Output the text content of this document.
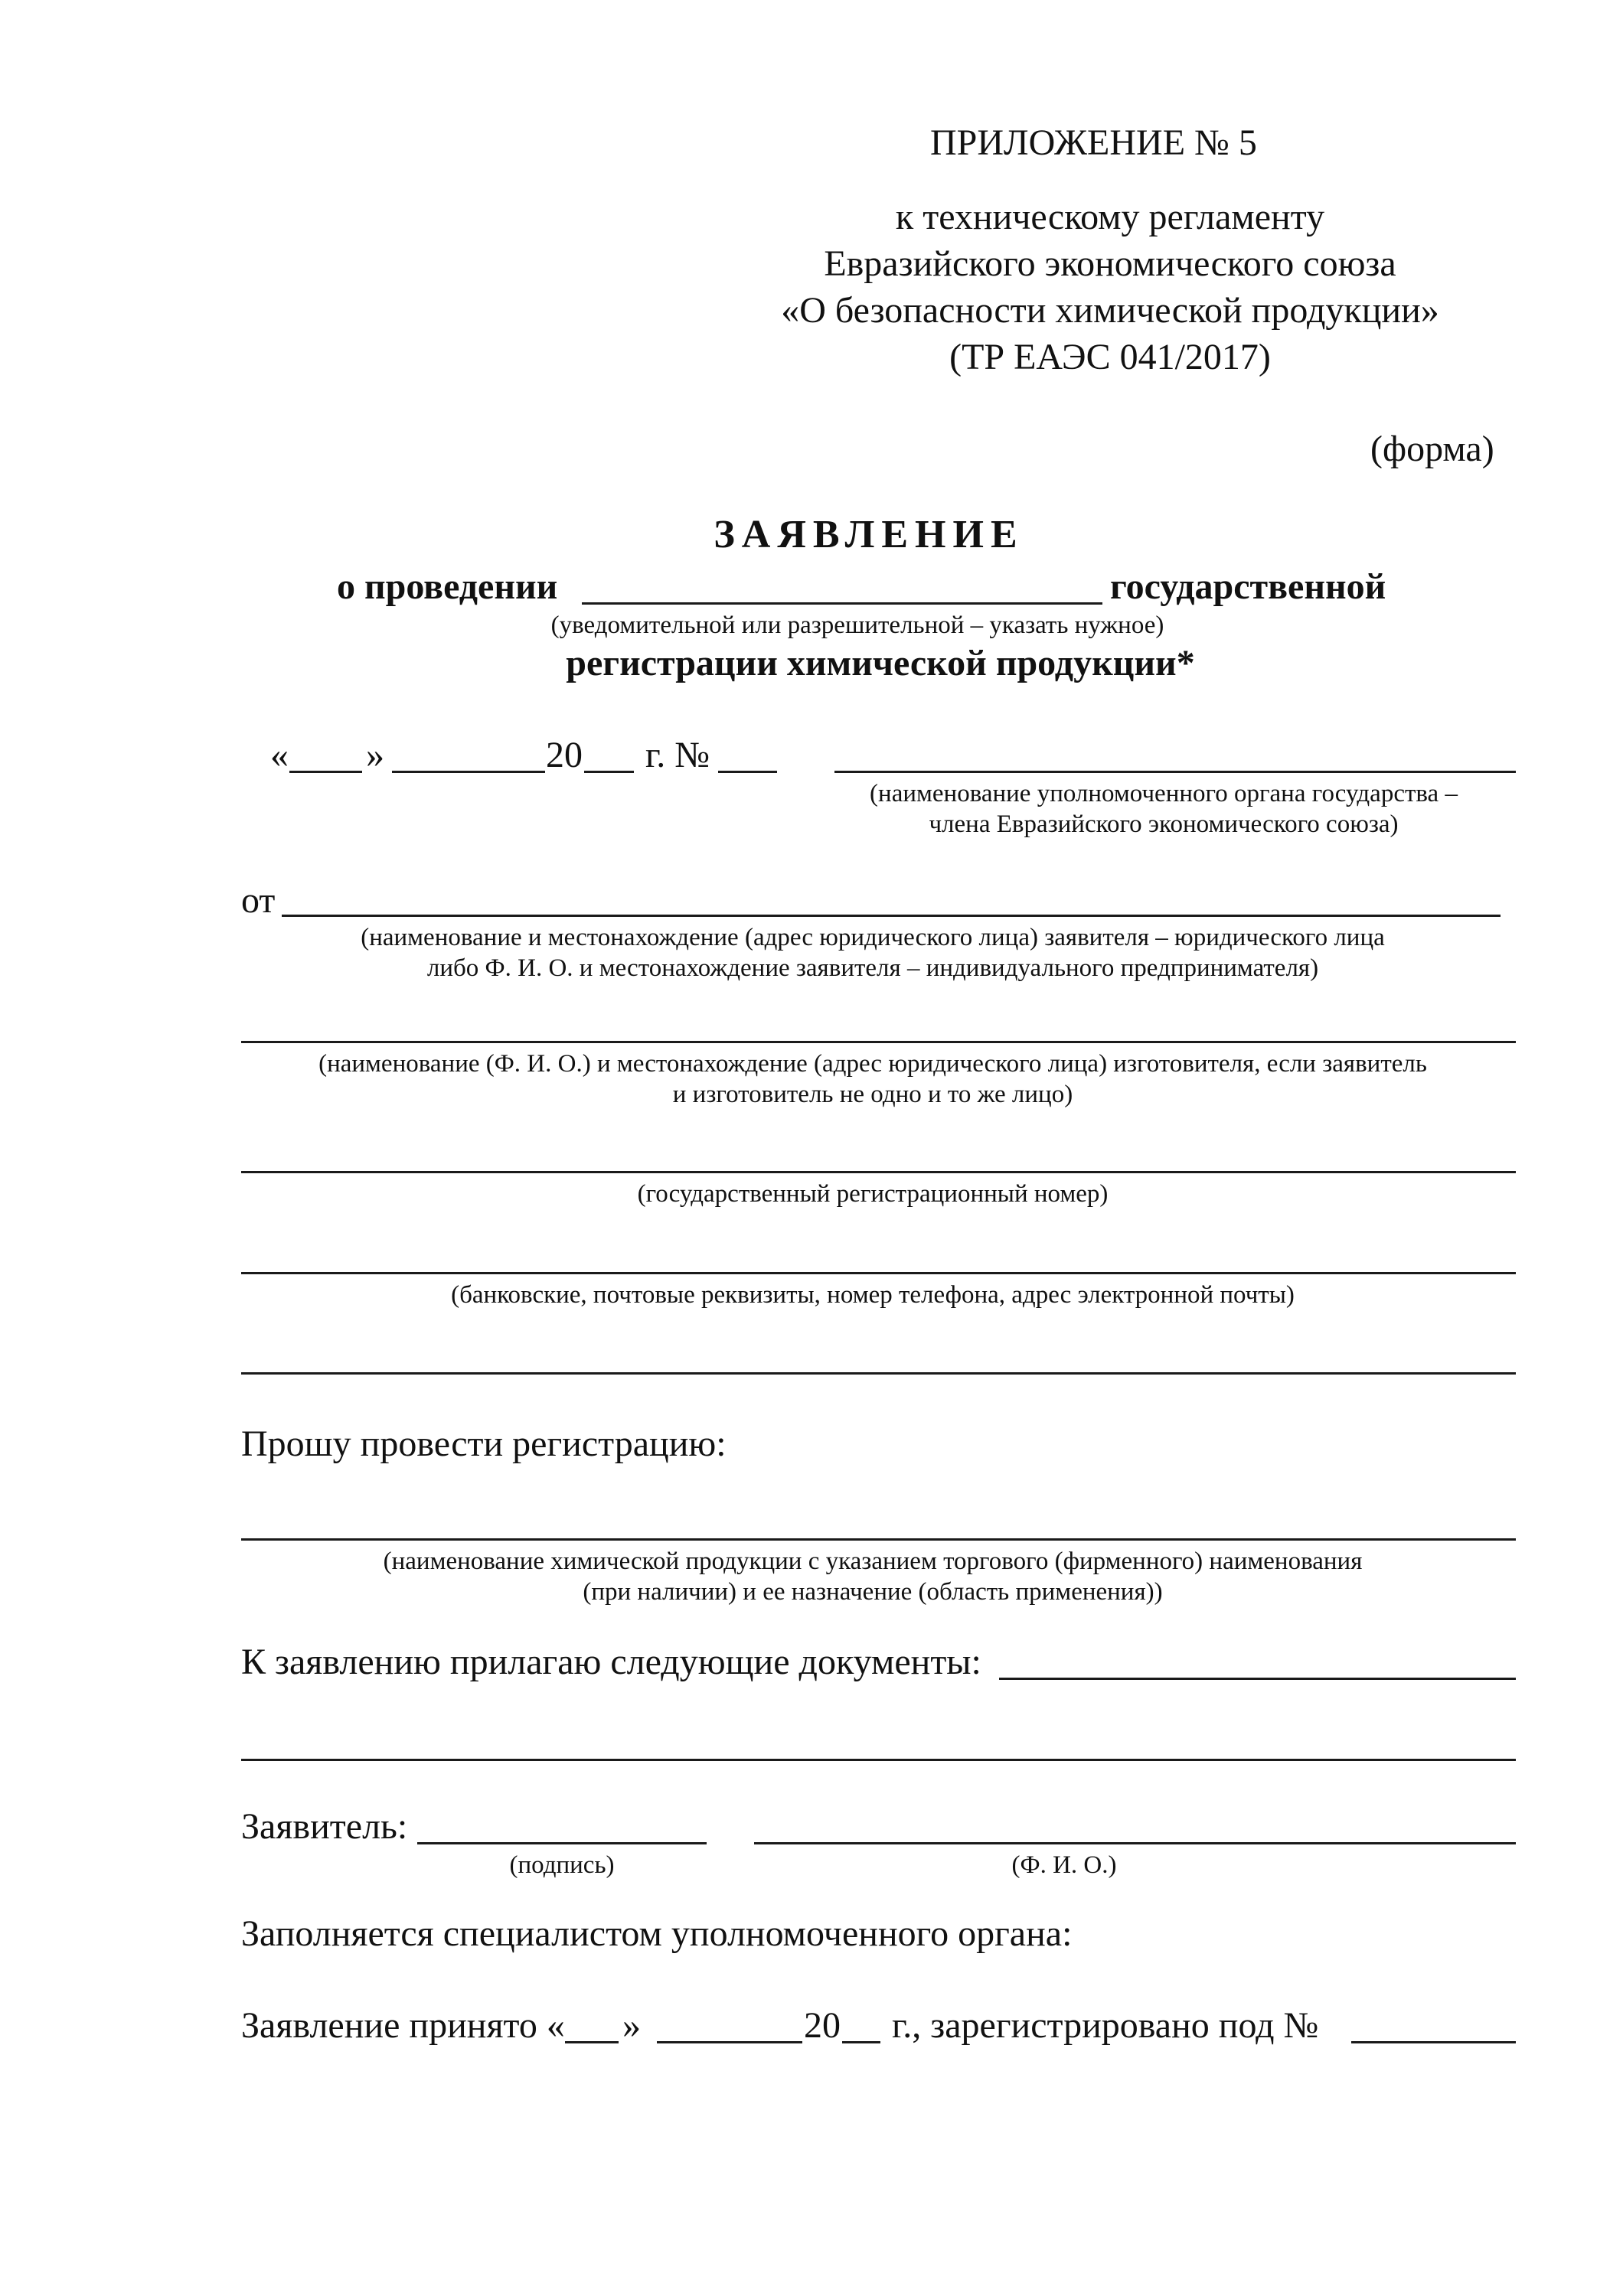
ПРИЛОЖЕНИЕ № 5
к техническому регламенту
Евразийского экономического союза
«О безопасности химической продукции»
(ТР ЕАЭС 041/2017)
(форма)
ЗАЯВЛЕНИЕ
о проведении	государственной
(уведомительной или разрешительной – указать нужное)
регистрации химической продукции*
« »	20 г. №
(наименование уполномоченного органа государства –
члена Евразийского экономического союза)
от
(наименование и местонахождение (адрес юридического лица) заявителя – юридического лица
либо Ф. И. О. и местонахождение заявителя – индивидуального предпринимателя)
(наименование (Ф. И. О.) и местонахождение (адрес юридического лица) изготовителя, если заявитель
и изготовитель не одно и то же лицо)
(государственный регистрационный номер)
(банковские, почтовые реквизиты, номер телефона, адрес электронной почты)
Прошу провести регистрацию:
(наименование химической продукции с указанием торгового (фирменного) наименования
(при наличии) и ее назначение (область применения))
К заявлению прилагаю следующие документы:
Заявитель:
(подпись)	(Ф. И. О.)
Заполняется специалистом уполномоченного органа:
Заявление принято « »	20 г., зарегистрировано под №
